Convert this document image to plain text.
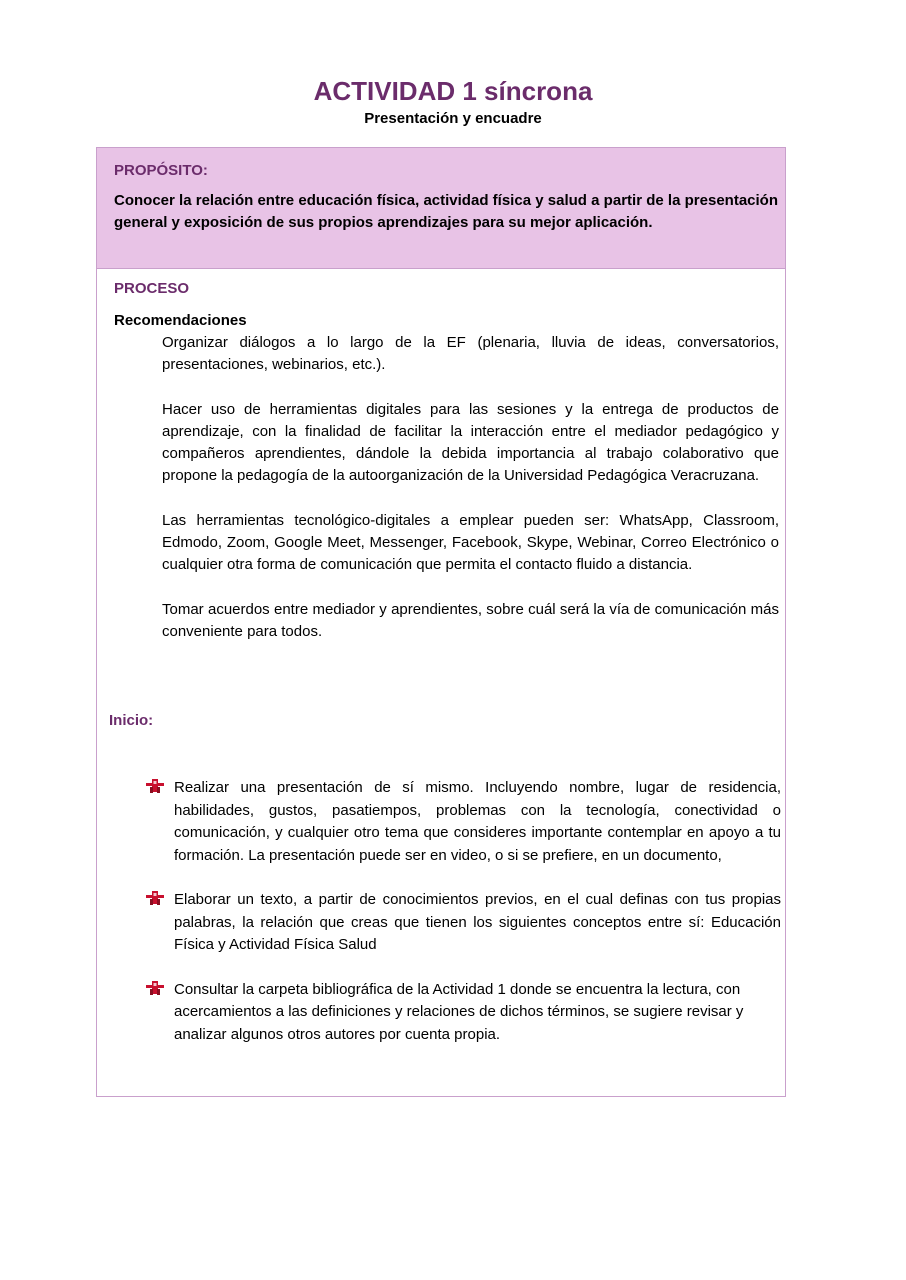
ACTIVIDAD 1 síncrona
Presentación y encuadre
PROPÓSITO:
Conocer la relación entre educación física, actividad física y salud a partir de la presentación general y exposición de sus propios aprendizajes para su mejor aplicación.
PROCESO
Recomendaciones
Organizar diálogos a lo largo de la EF (plenaria, lluvia de ideas, conversatorios, presentaciones, webinarios, etc.).
Hacer uso de herramientas digitales para las sesiones y la entrega de productos de aprendizaje, con la finalidad de facilitar la interacción entre el mediador pedagógico y compañeros aprendientes, dándole la debida importancia al trabajo colaborativo que propone la pedagogía de la autoorganización de la Universidad Pedagógica Veracruzana.
Las herramientas tecnológico-digitales a emplear pueden ser: WhatsApp, Classroom, Edmodo, Zoom, Google Meet, Messenger, Facebook, Skype, Webinar, Correo Electrónico o cualquier otra forma de comunicación que permita el contacto fluido a distancia.
Tomar acuerdos entre mediador y aprendientes, sobre cuál será la vía de comunicación más conveniente para todos.
Inicio:
Realizar una presentación de sí mismo. Incluyendo nombre, lugar de residencia, habilidades, gustos, pasatiempos, problemas con la tecnología, conectividad o comunicación, y cualquier otro tema que consideres importante contemplar en apoyo a tu formación. La presentación puede ser en video, o si se prefiere, en un documento,
Elaborar un texto, a partir de conocimientos previos, en el cual definas con tus propias palabras, la relación que creas que tienen los siguientes conceptos entre sí: Educación Física y Actividad Física Salud
Consultar la carpeta bibliográfica de la Actividad 1 donde se encuentra la lectura, con acercamientos a las definiciones y relaciones de dichos términos, se sugiere revisar y analizar algunos otros autores por cuenta propia.
